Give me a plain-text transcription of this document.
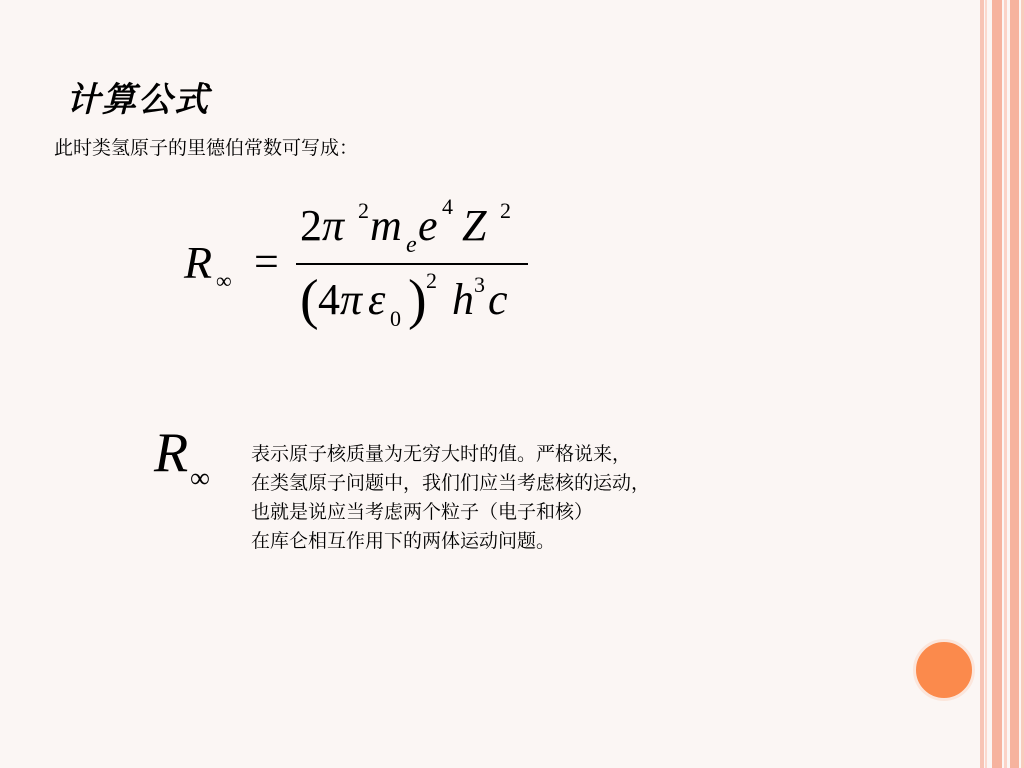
计算公式
此时类氢原子的里德伯常数可写成：
R ∞ =
2 π 2 m e e 4 Z 2
( 4 π ε 0 ) 2 h 3 c
R ∞
表示原子核质量为无穷大时的值。严格说来，
在类氢原子问题中，我们们应当考虑核的运动，
也就是说应当考虑两个粒子（电子和核）
在库仑相互作用下的两体运动问题。
